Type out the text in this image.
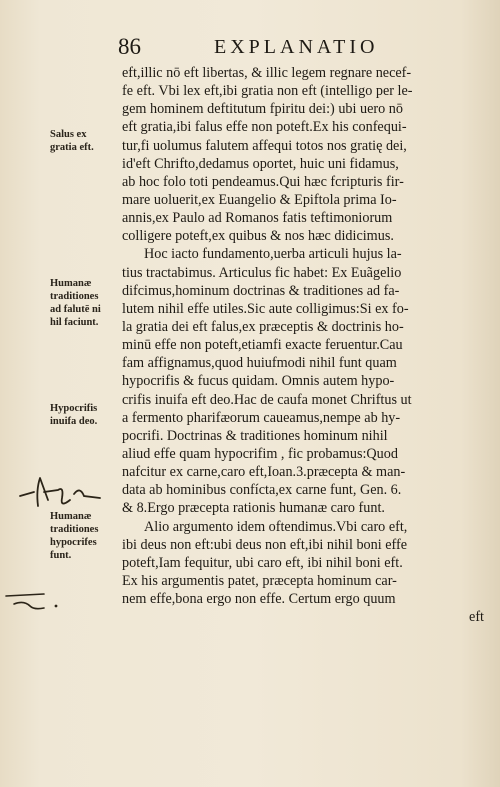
86	EXPLANATIO
eft,illic nō eft libertas, & illic legem regnare necef-
fe eft. Vbi lex eft,ibi gratia non eft (intelligo per le-
gem hominem deftitutum fpiritu dei:) ubi uero nō
eft gratia,ibi falus effe non poteft.Ex his confequi-
tur,fi uolumus falutem affequi totos nos gratię dei,
id'eft Chrifto,dedamus oportet, huic uni fidamus,
ab hoc folo toti pendeamus.Qui hæc fcripturis fir-
mare uoluerit,ex Euangelio & Epiftola prima Io-
annis,ex Paulo ad Romanos fatis teftimoniorum
colligere poteft,ex quibus & nos hæc didicimus.
Hoc iacto fundamento,uerba articuli hujus la-
tius tractabimus. Articulus fic habet: Ex Euãgelio
difcimus,hominum doctrinas & traditiones ad fa-
lutem nihil effe utiles.Sic aute colligimus:Si ex fo-
la gratia dei eft falus,ex præceptis & doctrinis ho-
minū effe non poteft,etiamfi exacte feruentur.Cau
fam affignamus,quod huiufmodi nihil funt quam
hypocrifis & fucus quidam. Omnis autem hypo-
crifis inuifa eft deo.Hac de caufa monet Chriftus ut
a fermento pharifæorum caueamus,nempe ab hy-
pocrifi. Doctrinas & traditiones hominum nihil
aliud effe quam hypocrifim , fic probamus:Quod
nafcitur ex carne,caro eft,Ioan.3.præcepta & man-
data ab hominibus confícta,ex carne funt, Gen. 6.
& 8.Ergo præcepta rationis humanæ caro funt.
Alio argumento idem oftendimus.Vbi caro eft,
ibi deus non eft:ubi deus non eft,ibi nihil boni effe
poteft,Iam fequitur, ubi caro eft, ibi nihil boni eft.
Ex his argumentis patet, præcepta hominum car-
nem effe,bona ergo non effe. Certum ergo quum
eft
Salus ex
gratia eft.
Humanæ
traditiones
ad falutē ni
hil faciunt.
Hypocrifis
inuifa deo.
Humanæ
traditiones
hypocrifes
funt.
